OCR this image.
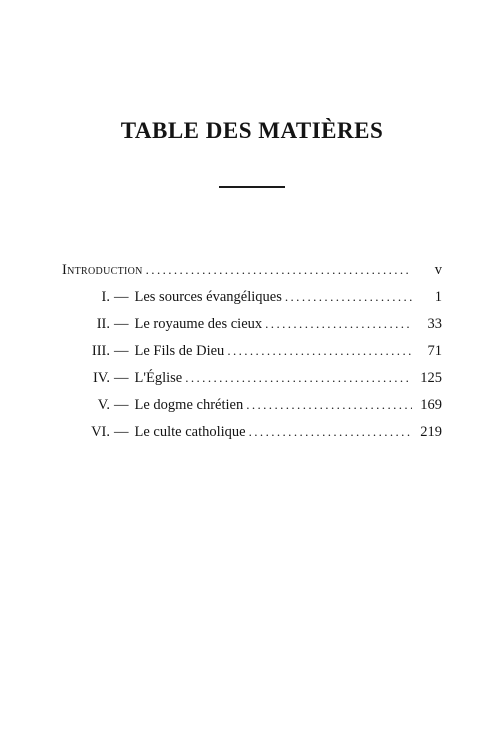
TABLE DES MATIÈRES
Introduction .....	v
I. — Les sources évangéliques .....	1
II. — Le royaume des cieux .....	33
III. — Le Fils de Dieu .....	71
IV. — L'Église .....	125
V. — Le dogme chrétien .....	169
VI. — Le culte catholique .....	219
